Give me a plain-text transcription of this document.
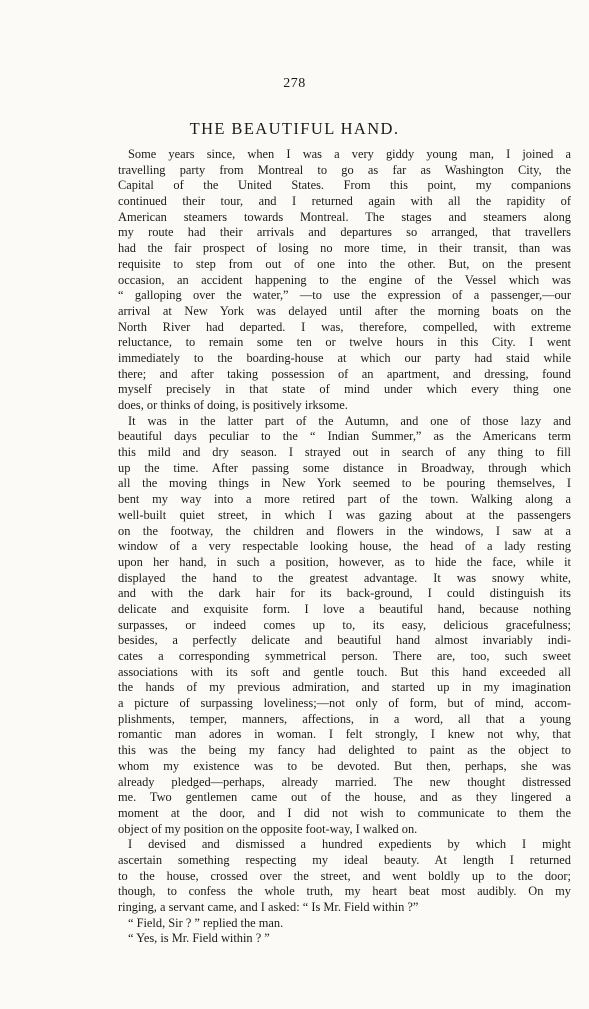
278
THE BEAUTIFUL HAND.
Some years since, when I was a very giddy young man, I joined a
travelling party from Montreal to go as far as Washington City, the
Capital of the United States. From this point, my companions
continued their tour, and I returned again with all the rapidity of
American steamers towards Montreal. The stages and steamers along
my route had their arrivals and departures so arranged, that travellers
had the fair prospect of losing no more time, in their transit, than was
requisite to step from out of one into the other. But, on the present
occasion, an accident happening to the engine of the Vessel which was
“ galloping over the water,” —to use the expression of a passenger,—our
arrival at New York was delayed until after the morning boats on the
North River had departed. I was, therefore, compelled, with extreme
reluctance, to remain some ten or twelve hours in this City. I went
immediately to the boarding-house at which our party had staid while
there; and after taking possession of an apartment, and dressing, found
myself precisely in that state of mind under which every thing one
does, or thinks of doing, is positively irksome.
It was in the latter part of the Autumn, and one of those lazy and
beautiful days peculiar to the “ Indian Summer,” as the Americans term
this mild and dry season. I strayed out in search of any thing to fill
up the time. After passing some distance in Broadway, through which
all the moving things in New York seemed to be pouring themselves, I
bent my way into a more retired part of the town. Walking along a
well-built quiet street, in which I was gazing about at the passengers
on the footway, the children and flowers in the windows, I saw at a
window of a very respectable looking house, the head of a lady resting
upon her hand, in such a position, however, as to hide the face, while it
displayed the hand to the greatest advantage. It was snowy white,
and with the dark hair for its back-ground, I could distinguish its
delicate and exquisite form. I love a beautiful hand, because nothing
surpasses, or indeed comes up to, its easy, delicious gracefulness;
besides, a perfectly delicate and beautiful hand almost invariably indi-
cates a corresponding symmetrical person. There are, too, such sweet
associations with its soft and gentle touch. But this hand exceeded all
the hands of my previous admiration, and started up in my imagination
a picture of surpassing loveliness;—not only of form, but of mind, accom-
plishments, temper, manners, affections, in a word, all that a young
romantic man adores in woman. I felt strongly, I knew not why, that
this was the being my fancy had delighted to paint as the object to
whom my existence was to be devoted. But then, perhaps, she was
already pledged—perhaps, already married. The new thought distressed
me. Two gentlemen came out of the house, and as they lingered a
moment at the door, and I did not wish to communicate to them the
object of my position on the opposite foot-way, I walked on.
I devised and dismissed a hundred expedients by which I might
ascertain something respecting my ideal beauty. At length I returned
to the house, crossed over the street, and went boldly up to the door;
though, to confess the whole truth, my heart beat most audibly. On my
ringing, a servant came, and I asked: “ Is Mr. Field within ?”
“ Field, Sir ? ” replied the man.
“ Yes, is Mr. Field within ? ”
